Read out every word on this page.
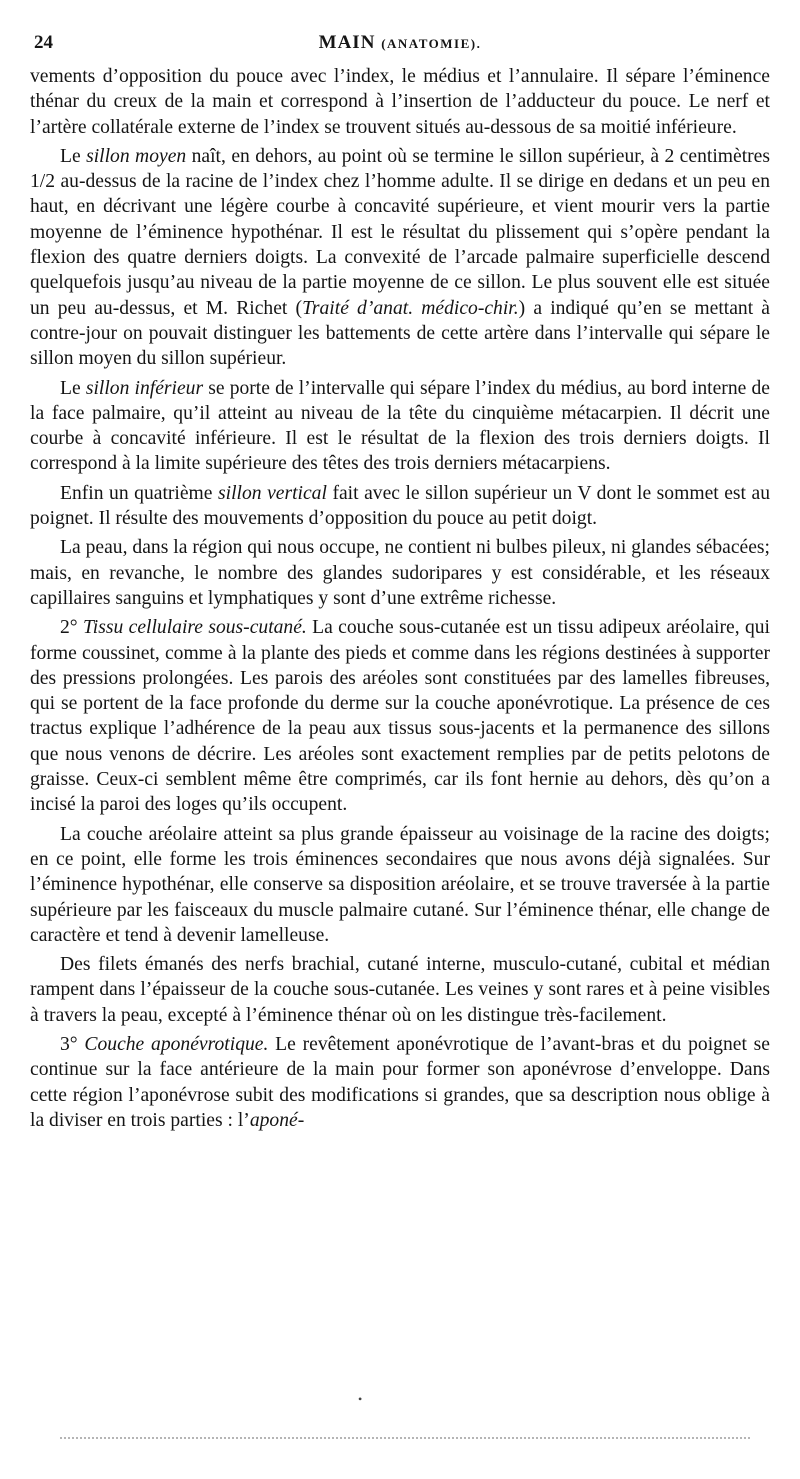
24	MAIN (ANATOMIE).

vements d’opposition du pouce avec l’index, le médius et l’annulaire. Il sépare l’éminence thénar du creux de la main et correspond à l’insertion de l’adducteur du pouce. Le nerf et l’artère collatérale externe de l’index se trouvent situés au-dessous de sa moitié inférieure.

Le sillon moyen naît, en dehors, au point où se termine le sillon supérieur, à 2 centimètres 1/2 au-dessus de la racine de l’index chez l’homme adulte. Il se dirige en dedans et un peu en haut, en décrivant une légère courbe à concavité supérieure, et vient mourir vers la partie moyenne de l’éminence hypothénar. Il est le résultat du plissement qui s’opère pendant la flexion des quatre derniers doigts. La convexité de l’arcade palmaire superficielle descend quelquefois jusqu’au niveau de la partie moyenne de ce sillon. Le plus souvent elle est située un peu au-dessus, et M. Richet (Traité d’anat. médico-chir.) a indiqué qu’en se mettant à contre-jour on pouvait distinguer les battements de cette artère dans l’intervalle qui sépare le sillon moyen du sillon supérieur.

Le sillon inférieur se porte de l’intervalle qui sépare l’index du médius, au bord interne de la face palmaire, qu’il atteint au niveau de la tête du cinquième métacarpien. Il décrit une courbe à concavité inférieure. Il est le résultat de la flexion des trois derniers doigts. Il correspond à la limite supérieure des têtes des trois derniers métacarpiens.

Enfin un quatrième sillon vertical fait avec le sillon supérieur un V dont le sommet est au poignet. Il résulte des mouvements d’opposition du pouce au petit doigt.

La peau, dans la région qui nous occupe, ne contient ni bulbes pileux, ni glandes sébacées; mais, en revanche, le nombre des glandes sudoripares y est considérable, et les réseaux capillaires sanguins et lymphatiques y sont d’une extrême richesse.

2° Tissu cellulaire sous-cutané. La couche sous-cutanée est un tissu adipeux aréolaire, qui forme coussinet, comme à la plante des pieds et comme dans les régions destinées à supporter des pressions prolongées. Les parois des aréoles sont constituées par des lamelles fibreuses, qui se portent de la face profonde du derme sur la couche aponévrotique. La présence de ces tractus explique l’adhérence de la peau aux tissus sous-jacents et la permanence des sillons que nous venons de décrire. Les aréoles sont exactement remplies par de petits pelotons de graisse. Ceux-ci semblent même être comprimés, car ils font hernie au dehors, dès qu’on a incisé la paroi des loges qu’ils occupent.

La couche aréolaire atteint sa plus grande épaisseur au voisinage de la racine des doigts; en ce point, elle forme les trois éminences secondaires que nous avons déjà signalées. Sur l’éminence hypothénar, elle conserve sa disposition aréolaire, et se trouve traversée à la partie supérieure par les faisceaux du muscle palmaire cutané. Sur l’éminence thénar, elle change de caractère et tend à devenir lamelleuse.

Des filets émanés des nerfs brachial, cutané interne, musculo-cutané, cubital et médian rampent dans l’épaisseur de la couche sous-cutanée. Les veines y sont rares et à peine visibles à travers la peau, excepté à l’éminence thénar où on les distingue très-facilement.

3° Couche aponévrotique. Le revêtement aponévrotique de l’avant-bras et du poignet se continue sur la face antérieure de la main pour former son aponévrose d’enveloppe. Dans cette région l’aponévrose subit des modifications si grandes, que sa description nous oblige à la diviser en trois parties : l’aponé-

•
